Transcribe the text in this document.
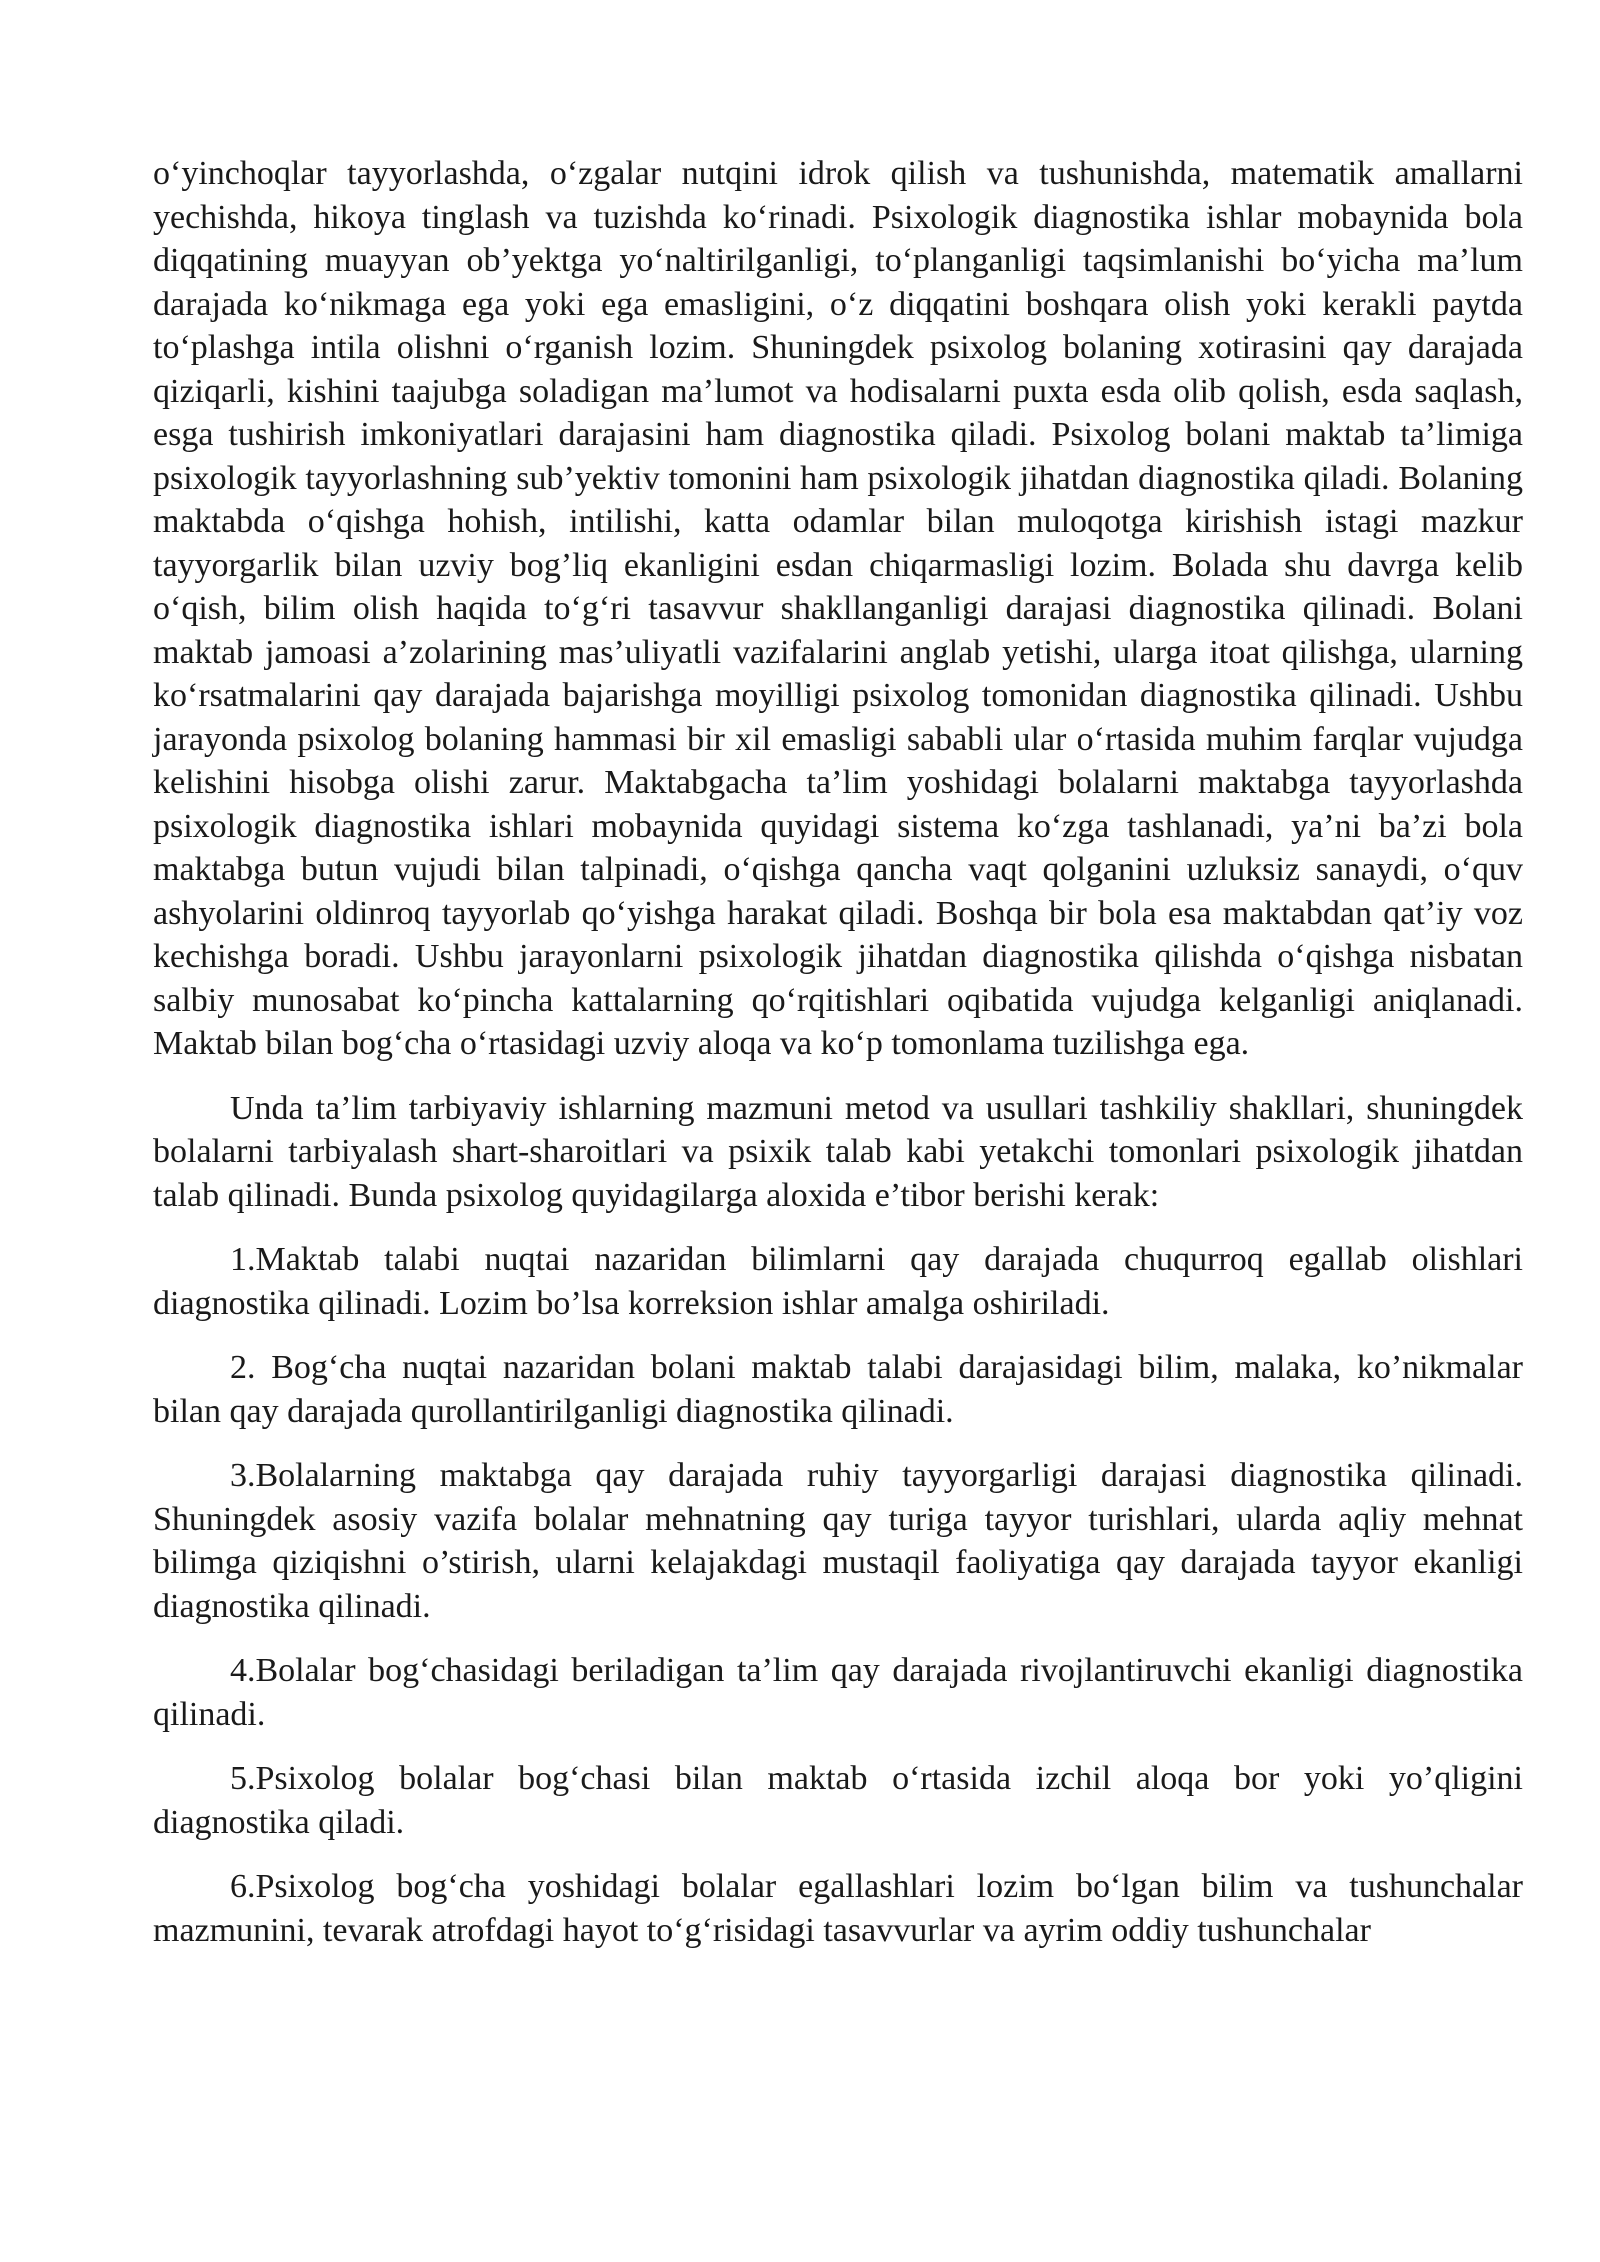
o‘yinchoqlar tayyorlashda, o‘zgalar nutqini idrok qilish va tushunishda, matematik amallarni yechishda, hikoya tinglash va tuzishda ko‘rinadi. Psixologik diagnostika ishlar mobaynida bola diqqatining muayyan ob’yektga yo‘naltirilganligi, to‘planganligi taqsimlanishi bo‘yicha ma’lum darajada ko‘nikmaga ega yoki ega emasligini, o‘z diqqatini boshqara olish yoki kerakli paytda to‘plashga intila olishni o‘rganish lozim. Shuningdek psixolog bolaning xotirasini qay darajada qiziqarli, kishini taajubga soladigan ma’lumot va hodisalarni puxta esda olib qolish, esda saqlash, esga tushirish imkoniyatlari darajasini ham diagnostika qiladi. Psixolog bolani maktab ta’limiga psixologik tayyorlashning sub’yektiv tomonini ham psixologik jihatdan diagnostika qiladi. Bolaning maktabda o‘qishga hohish, intilishi, katta odamlar bilan muloqotga kirishish istagi mazkur tayyorgarlik bilan uzviy bog’liq ekanligini esdan chiqarmasligi lozim. Bolada shu davrga kelib o‘qish, bilim olish haqida to‘g‘ri tasavvur shakllanganligi darajasi diagnostika qilinadi. Bolani maktab jamoasi a’zolarining mas’uliyatli vazifalarini anglab yetishi, ularga itoat qilishga, ularning ko‘rsatmalarini qay darajada bajarishga moyilligi psixolog tomonidan diagnostika qilinadi. Ushbu jarayonda psixolog bolaning hammasi bir xil emasligi sababli ular o‘rtasida muhim farqlar vujudga kelishini hisobga olishi zarur. Maktabgacha ta’lim yoshidagi bolalarni maktabga tayyorlashda psixologik diagnostika ishlari mobaynida quyidagi sistema ko‘zga tashlanadi, ya’ni ba’zi bola maktabga butun vujudi bilan talpinadi, o‘qishga qancha vaqt qolganini uzluksiz sanaydi, o‘quv ashyolarini oldinroq tayyorlab qo‘yishga harakat qiladi. Boshqa bir bola esa maktabdan qat’iy voz kechishga boradi. Ushbu jarayonlarni psixologik jihatdan diagnostika qilishda o‘qishga nisbatan salbiy munosabat ko‘pincha kattalarning qo‘rqitishlari oqibatida vujudga kelganligi aniqlanadi. Maktab bilan bog‘cha o‘rtasidagi uzviy aloqa va ko‘p tomonlama tuzilishga ega.

Unda ta’lim tarbiyaviy ishlarning mazmuni metod va usullari tashkiliy shakllari, shuningdek bolalarni tarbiyalash shart-sharoitlari va psixik talab kabi yetakchi tomonlari psixologik jihatdan talab qilinadi. Bunda psixolog quyidagilarga aloxida e’tibor berishi kerak:

1.Maktab talabi nuqtai nazaridan bilimlarni qay darajada chuqurroq egallab olishlari diagnostika qilinadi. Lozim bo’lsa korreksion ishlar amalga oshiriladi.

2. Bog‘cha nuqtai nazaridan bolani maktab talabi darajasidagi bilim, malaka, ko’nikmalar bilan qay darajada qurollantirilganligi diagnostika qilinadi.

3.Bolalarning maktabga qay darajada ruhiy tayyorgarligi darajasi diagnostika qilinadi. Shuningdek asosiy vazifa bolalar mehnatning qay turiga tayyor turishlari, ularda aqliy mehnat bilimga qiziqishni o’stirish, ularni kelajakdagi mustaqil faoliyatiga qay darajada tayyor ekanligi diagnostika qilinadi.

4.Bolalar bog‘chasidagi beriladigan ta’lim qay darajada rivojlantiruvchi ekanligi diagnostika qilinadi.

5.Psixolog bolalar bog‘chasi bilan maktab o‘rtasida izchil aloqa bor yoki yo’qligini diagnostika qiladi.

6.Psixolog bog‘cha yoshidagi bolalar egallashlari lozim bo‘lgan bilim va tushunchalar mazmunini, tevarak atrofdagi hayot to‘g‘risidagi tasavvurlar va ayrim oddiy tushunchalar
